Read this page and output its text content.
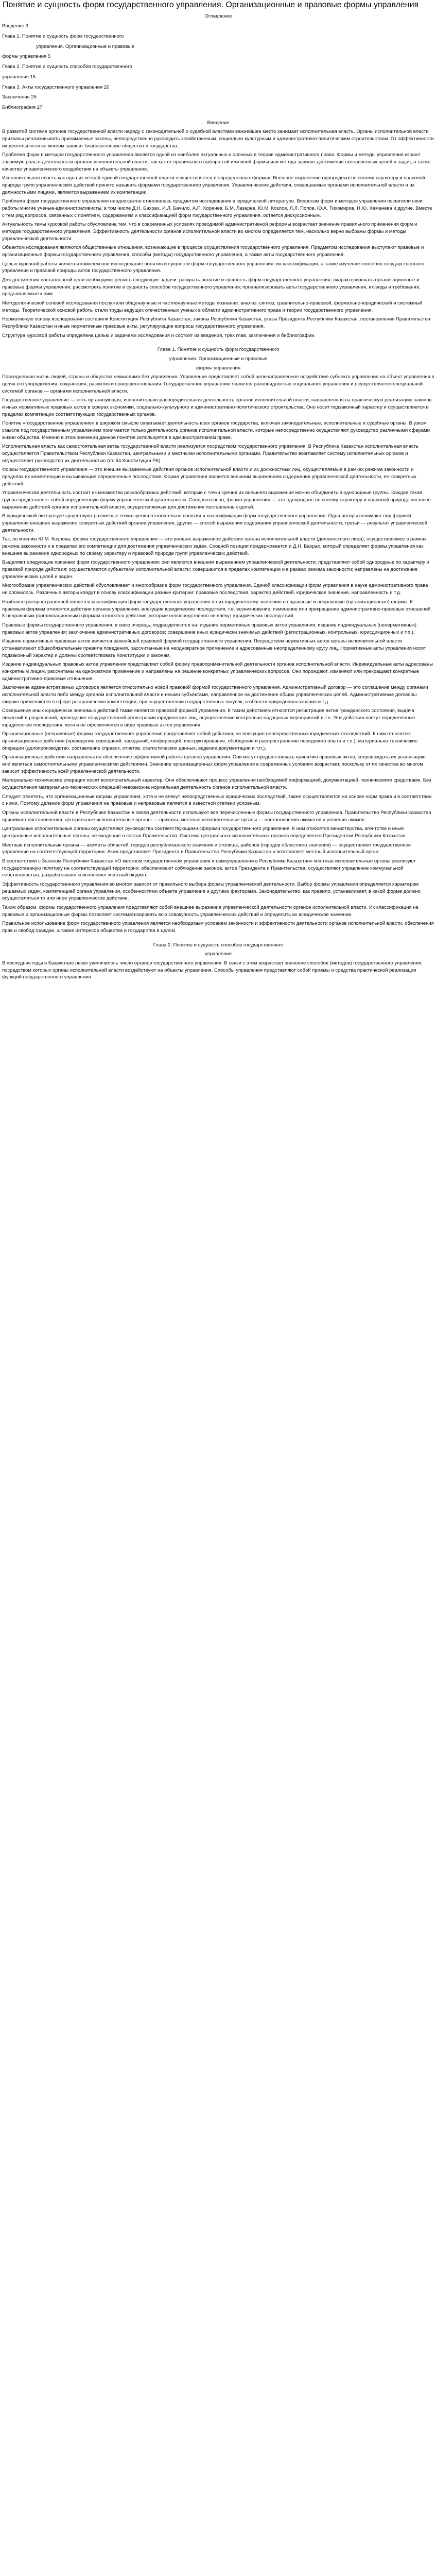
Понятие и сущность форм государственного управления. Организационные и правовые формы управления
Оглавление
Введение 3
Глава 1. Понятие и сущность форм государственного
управления. Организационные и правовые
формы управления 5
Глава 2. Понятие и сущность способов государственного
управления 15
Глава 3. Акты государственного управления 20
Заключение 25
Библиография 27
Введение

В развитой системе органов государственной власти наряду с законодательной и судебной властями важнейшее место занимает исполнительная власть. Органы исполнительной власти призваны реализовывать принимаемые законы, непосредственно руководить хозяйственным, социально-культурным и административно-политическим строительством. От эффективности их деятельности во многом зависит благосостояние общества и государства.

Проблема форм и методов государственного управления является одной из наиболее актуальных и сложных в теории административного права. Формы и методы управления играют значимую роль в деятельности органов исполнительной власти, так как от правильного выбора той или иной формы или метода зависит достижение поставленных целей и задач, а также качество управленческого воздействия на объекты управления.

Исполнительная власть как одна из ветвей единой государственной власти осуществляется в определенных формах. Внешнее выражение однородных по своему характеру и правовой природе групп управленческих действий принято называть формами государственного управления. Управленческие действия, совершаемые органами исполнительной власти и их должностными лицами, являются выражением их компетенции.

Проблема форм государственного управления неоднократно становилась предметом исследования в юридической литературе. Вопросам форм и методов управления посвятили свои работы многие ученые-административисты, в том числе Д.Н. Бахрах, И.Л. Бачило, А.П. Коренев, Б.М. Лазарев, Ю.М. Козлов, Л.Л. Попов, Ю.А. Тихомиров, Н.Ю. Хаманева и другие. Вместе с тем ряд вопросов, связанных с понятием, содержанием и классификацией форм государственного управления, остается дискуссионным.

Актуальность темы курсовой работы обусловлена тем, что в современных условиях проводимой административной реформы возрастает значение правильного применения форм и методов государственного управления. Эффективность деятельности органов исполнительной власти во многом определяется тем, насколько верно выбраны формы и методы управленческой деятельности.

Объектом исследования являются общественные отношения, возникающие в процессе осуществления государственного управления. Предметом исследования выступают правовые и организационные формы государственного управления, способы (методы) государственного управления, а также акты государственного управления.

Целью курсовой работы является комплексное исследование понятия и сущности форм государственного управления, их классификации, а также изучение способов государственного управления и правовой природы актов государственного управления.

Для достижения поставленной цели необходимо решить следующие задачи: раскрыть понятие и сущность форм государственного управления; охарактеризовать организационные и правовые формы управления; рассмотреть понятие и сущность способов государственного управления; проанализировать акты государственного управления, их виды и требования, предъявляемые к ним.

Методологической основой исследования послужили общенаучные и частнонаучные методы познания: анализ, синтез, сравнительно-правовой, формально-юридический и системный методы. Теоретической основой работы стали труды ведущих отечественных ученых в области административного права и теории государственного управления.

Нормативную основу исследования составили Конституция Республики Казахстан, законы Республики Казахстан, указы Президента Республики Казахстан, постановления Правительства Республики Казахстан и иные нормативные правовые акты, регулирующие вопросы государственного управления.

Структура курсовой работы определена целью и задачами исследования и состоит из введения, трех глав, заключения и библиографии.

Глава 1. Понятие и сущность форм государственного
управления. Организационные и правовые
формы управления

Повседневная жизнь людей, страны и общества немыслима без управления. Управление представляет собой целенаправленное воздействие субъекта управления на объект управления в целях его упорядочения, сохранения, развития и совершенствования. Государственное управление является разновидностью социального управления и осуществляется специальной системой органов — органами исполнительной власти.

Государственное управление — есть организующая, исполнительно-распорядительная деятельность органов исполнительной власти, направленная на практическую реализацию законов и иных нормативных правовых актов в сферах экономики, социально-культурного и административно-политического строительства. Оно носит подзаконный характер и осуществляется в пределах компетенции соответствующих государственных органов.

Понятие «государственное управление» в широком смысле охватывает деятельность всех органов государства, включая законодательные, исполнительные и судебные органы. В узком смысле под государственным управлением понимается только деятельность органов исполнительной власти, которые непосредственно осуществляют руководство различными сферами жизни общества. Именно в этом значении данное понятие используется в административном праве.

Исполнительная власть как самостоятельная ветвь государственной власти реализуется посредством государственного управления. В Республике Казахстан исполнительная власть осуществляется Правительством Республики Казахстан, центральными и местными исполнительными органами. Правительство возглавляет систему исполнительных органов и осуществляет руководство их деятельностью (ст. 64 Конституции РК).

Формы государственного управления — это внешне выраженные действия органов исполнительной власти и их должностных лиц, осуществляемые в рамках режима законности и пределах их компетенции и вызывающие определенные последствия. Форма управления является внешним выражением содержания управленческой деятельности, ее конкретных действий.

Управленческая деятельность состоит из множества разнообразных действий, которые с точки зрения их внешнего выражения можно объединить в однородные группы. Каждая такая группа представляет собой определенную форму управленческой деятельности. Следовательно, форма управления — это однородное по своему характеру и правовой природе внешнее выражение действий органов исполнительной власти, осуществляемых для достижения поставленных целей.

В юридической литературе существуют различные точки зрения относительно понятия и классификации форм государственного управления. Одни авторы понимают под формой управления внешнее выражение конкретных действий органов управления, другие — способ выражения содержания управленческой деятельности, третьи — результат управленческой деятельности.

Так, по мнению Ю.М. Козлова, форма государственного управления — это внешне выраженное действие органа исполнительной власти (должностного лица), осуществляемое в рамках режима законности и в пределах его компетенции для достижения управленческих задач. Сходной позиции придерживается и Д.Н. Бахрах, который определяет формы управления как внешнее выражение однородных по своему характеру и правовой природе групп управленческих действий.

Выделяют следующие признаки форм государственного управления: они являются внешним выражением управленческой деятельности; представляют собой однородные по характеру и правовой природе действия; осуществляются субъектами исполнительной власти; совершаются в пределах компетенции и в рамках режима законности; направлены на достижение управленческих целей и задач.

Многообразие управленческих действий обусловливает и многообразие форм государственного управления. Единой классификации форм управления в науке административного права не сложилось. Различные авторы кладут в основу классификации разные критерии: правовые последствия, характер действий, юридическое значение, направленность и т.д.

Наиболее распространенной является классификация форм государственного управления по их юридическому значению на правовые и неправовые (организационные) формы. К правовым формам относятся действия органов управления, влекущие юридические последствия, т.е. возникновение, изменение или прекращение административно-правовых отношений. К неправовым (организационным) формам относятся действия, которые непосредственно не влекут юридических последствий.

Правовые формы государственного управления, в свою очередь, подразделяются на: издание нормативных правовых актов управления; издание индивидуальных (ненормативных) правовых актов управления; заключение административных договоров; совершение иных юридически значимых действий (регистрационных, контрольных, юрисдикционных и т.п.).

Издание нормативных правовых актов является важнейшей правовой формой государственного управления. Посредством нормативных актов органы исполнительной власти устанавливают общеобязательные правила поведения, рассчитанные на неоднократное применение и адресованные неопределенному кругу лиц. Нормативные акты управления носят подзаконный характер и должны соответствовать Конституции и законам.

Издание индивидуальных правовых актов управления представляет собой форму правоприменительной деятельности органов исполнительной власти. Индивидуальные акты адресованы конкретным лицам, рассчитаны на однократное применение и направлены на решение конкретных управленческих вопросов. Они порождают, изменяют или прекращают конкретные административно-правовые отношения.

Заключение административных договоров является относительно новой правовой формой государственного управления. Административный договор — это соглашение между органами исполнительной власти либо между органом исполнительной власти и иными субъектами, направленное на достижение общих управленческих целей. Административные договоры широко применяются в сфере разграничения компетенции, при осуществлении государственных закупок, в области природопользования и т.д.

Совершение иных юридически значимых действий также является правовой формой управления. К таким действиям относятся регистрация актов гражданского состояния, выдача лицензий и разрешений, проведение государственной регистрации юридических лиц, осуществление контрольно-надзорных мероприятий и т.п. Эти действия влекут определенные юридические последствия, хотя и не оформляются в виде правовых актов управления.

Организационные (неправовые) формы государственного управления представляют собой действия, не влекущие непосредственных юридических последствий. К ним относятся: организационные действия (проведение совещаний, заседаний, конференций, инструктирование, обобщение и распространение передового опыта и т.п.); материально-технические операции (делопроизводство, составление справок, отчетов, статистических данных, ведение документации и т.п.).

Организационные действия направлены на обеспечение эффективной работы органов управления. Они могут предшествовать принятию правовых актов, сопровождать их реализацию или являться самостоятельными управленческими действиями. Значение организационных форм управления в современных условиях возрастает, поскольку от их качества во многом зависит эффективность всей управленческой деятельности.

Материально-технические операции носят вспомогательный характер. Они обеспечивают процесс управления необходимой информацией, документацией, техническими средствами. Без осуществления материально-технических операций невозможна нормальная деятельность органов исполнительной власти.

Следует отметить, что организационные формы управления, хотя и не влекут непосредственных юридических последствий, также осуществляются на основе норм права и в соответствии с ними. Поэтому деление форм управления на правовые и неправовые является в известной степени условным.

Органы исполнительной власти в Республике Казахстан в своей деятельности используют все перечисленные формы государственного управления. Правительство Республики Казахстан принимает постановления, центральные исполнительные органы — приказы, местные исполнительные органы — постановления акиматов и решения акимов.

Центральные исполнительные органы осуществляют руководство соответствующими сферами государственного управления. К ним относятся министерства, агентства и иные центральные исполнительные органы, не входящие в состав Правительства. Система центральных исполнительных органов определяется Президентом Республики Казахстан.

Местные исполнительные органы — акиматы областей, городов республиканского значения и столицы, районов (городов областного значения) — осуществляют государственное управление на соответствующей территории. Аким представляет Президента и Правительство Республики Казахстан и возглавляет местный исполнительный орган.

В соответствии с Законом Республики Казахстан «О местном государственном управлении и самоуправлении в Республике Казахстан» местные исполнительные органы реализуют государственную политику на соответствующей территории, обеспечивают соблюдение законов, актов Президента и Правительства, осуществляют управление коммунальной собственностью, разрабатывают и исполняют местный бюджет.

Эффективность государственного управления во многом зависит от правильного выбора формы управленческой деятельности. Выбор формы управления определяется характером решаемых задач, компетенцией органа управления, особенностями объекта управления и другими факторами. Законодательство, как правило, устанавливает, в какой форме должно осуществляться то или иное управленческое действие.

Таким образом, формы государственного управления представляют собой внешнее выражение управленческой деятельности органов исполнительной власти. Их классификация на правовые и организационные формы позволяет систематизировать всю совокупность управленческих действий и определить их юридическое значение.

Правильное использование форм государственного управления является необходимым условием законности и эффективности деятельности органов исполнительной власти, обеспечения прав и свобод граждан, а также интересов общества и государства в целом.

Глава 2. Понятие и сущность способов государственного
управления

В последние годы в Казахстане резко увеличилось число органов государственного управления. В связи с этим возрастает значение способов (методов) государственного управления, посредством которых органы исполнительной власти воздействуют на объекты управления. Способы управления представляют собой приемы и средства практической реализации функций государственного управления.
